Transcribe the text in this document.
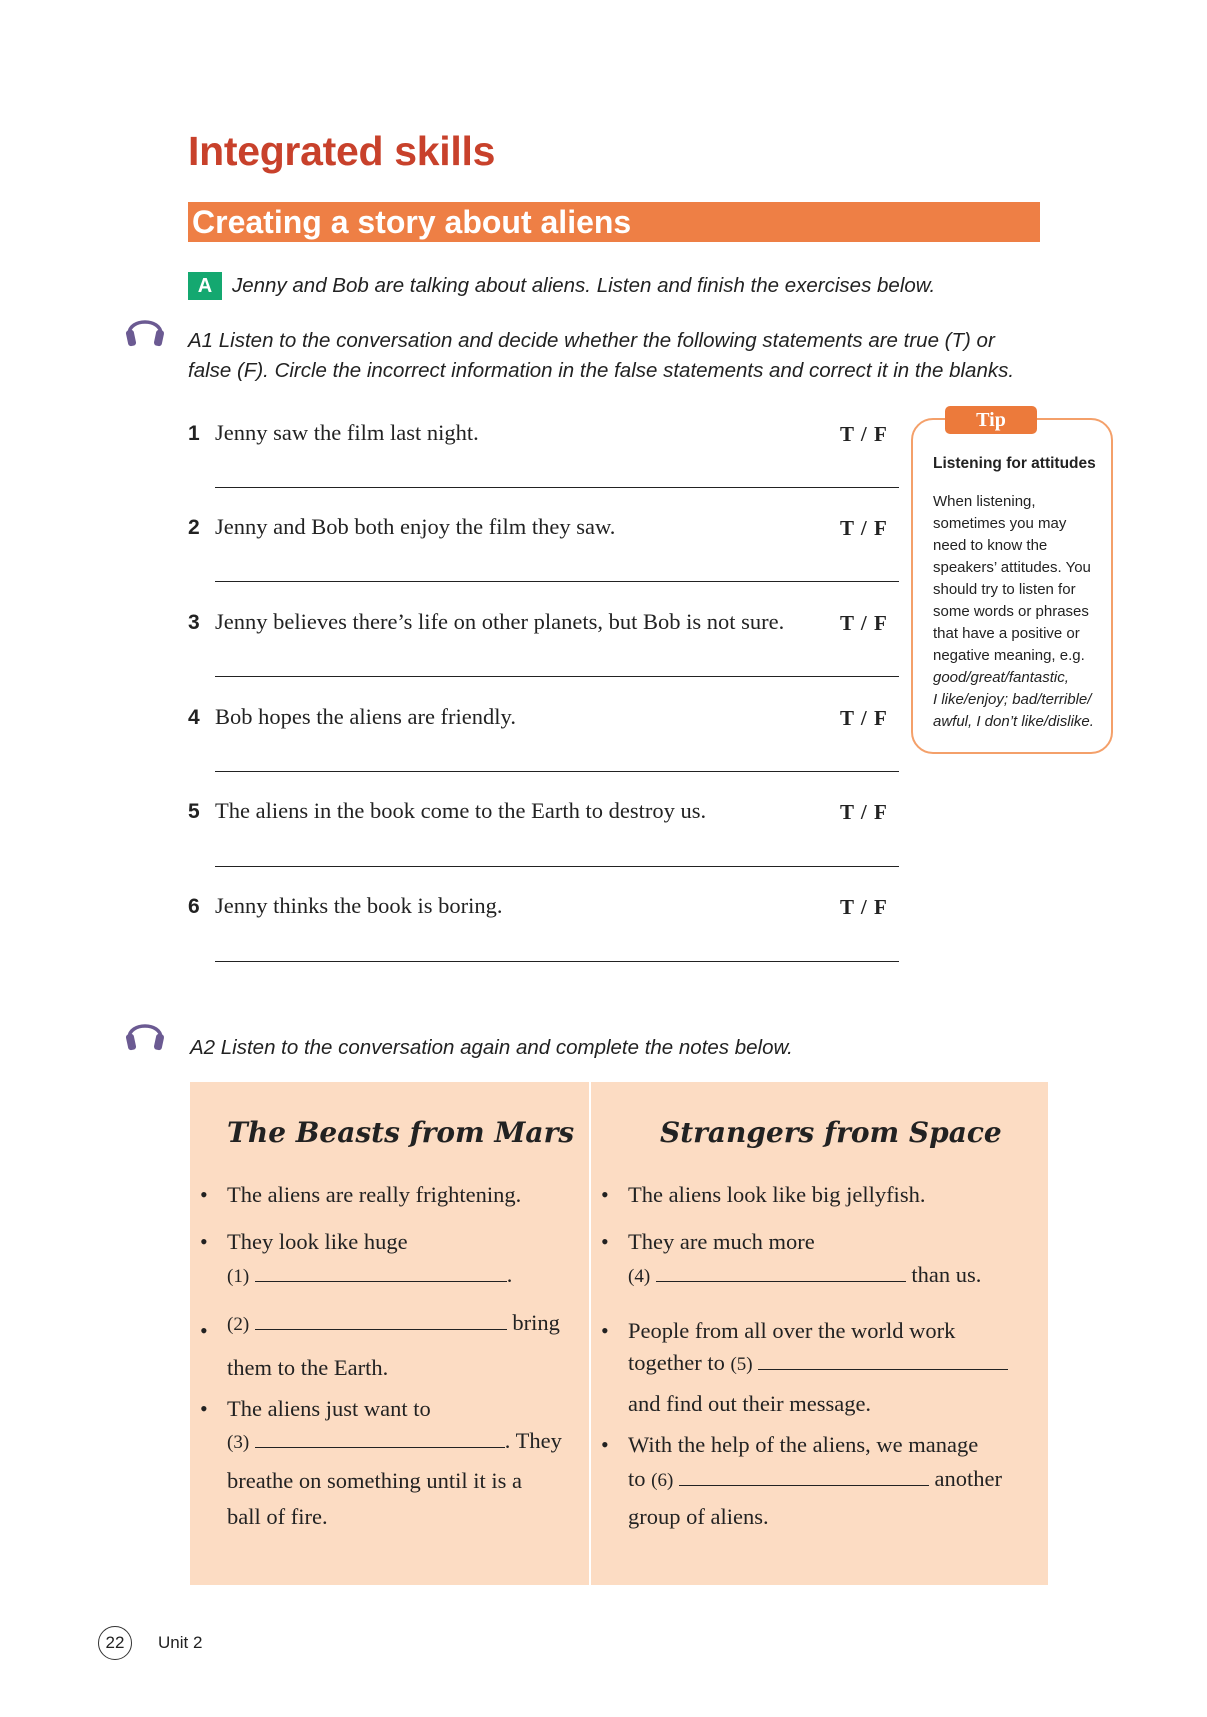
Integrated skills
Creating a story about aliens
A Jenny and Bob are talking about aliens. Listen and finish the exercises below.
A1 Listen to the conversation and decide whether the following statements are true (T) or
false (F). Circle the incorrect information in the false statements and correct it in the blanks.
1 Jenny saw the film last night.	T / F
2 Jenny and Bob both enjoy the film they saw.	T / F
3 Jenny believes there’s life on other planets, but Bob is not sure.	T / F
4 Bob hopes the aliens are friendly.	T / F
5 The aliens in the book come to the Earth to destroy us.	T / F
6 Jenny thinks the book is boring.	T / F
Tip
Listening for attitudes
When listening,
sometimes you may
need to know the
speakers’ attitudes. You
should try to listen for
some words or phrases
that have a positive or
negative meaning, e.g.
good/great/fantastic,
I like/enjoy; bad/terrible/
awful, I don’t like/dislike.
A2 Listen to the conversation again and complete the notes below.
The Beasts from Mars
• The aliens are really frightening.
• They look like huge
(1)	.
• (2)	bring
them to the Earth.
• The aliens just want to
(3)	. They
breathe on something until it is a
ball of fire.
Strangers from Space
• The aliens look like big jellyfish.
• They are much more
(4)	than us.
• People from all over the world work
together to (5)
and find out their message.
• With the help of the aliens, we manage
to (6)	another
group of aliens.
22	Unit 2
